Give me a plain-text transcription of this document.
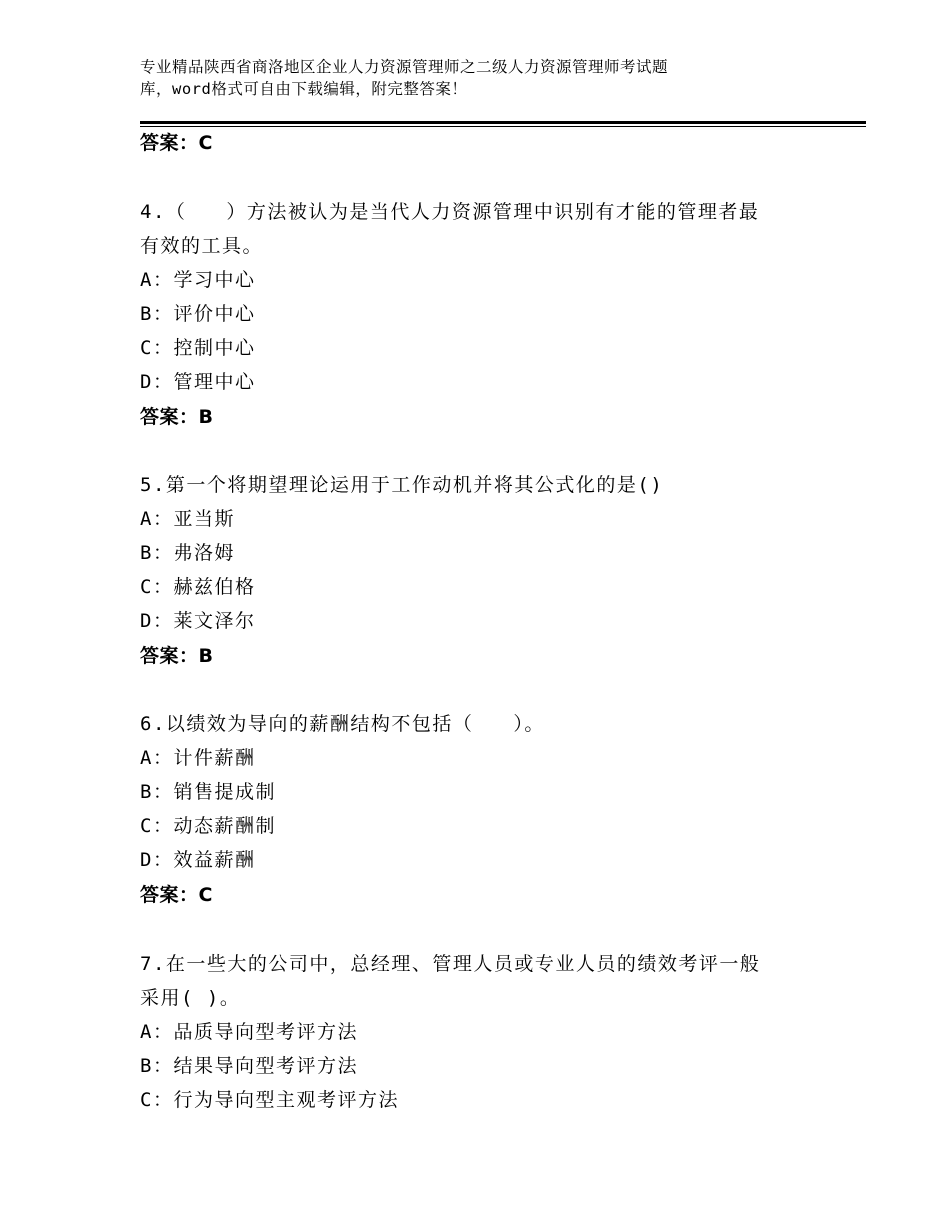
专业精品陕西省商洛地区企业人力资源管理师之二级人力资源管理师考试题
库，word格式可自由下载编辑，附完整答案！
答案：C
4.（ ）方法被认为是当代人力资源管理中识别有才能的管理者最
有效的工具。
A：学习中心
B：评价中心
C：控制中心
D：管理中心
答案：B
5.第一个将期望理论运用于工作动机并将其公式化的是()
A：亚当斯
B：弗洛姆
C：赫兹伯格
D：莱文泽尔
答案：B
6.以绩效为导向的薪酬结构不包括（ ）。
A：计件薪酬
B：销售提成制
C：动态薪酬制
D：效益薪酬
答案：C
7.在一些大的公司中，总经理、管理人员或专业人员的绩效考评一般
采用( )。
A：品质导向型考评方法
B：结果导向型考评方法
C：行为导向型主观考评方法
